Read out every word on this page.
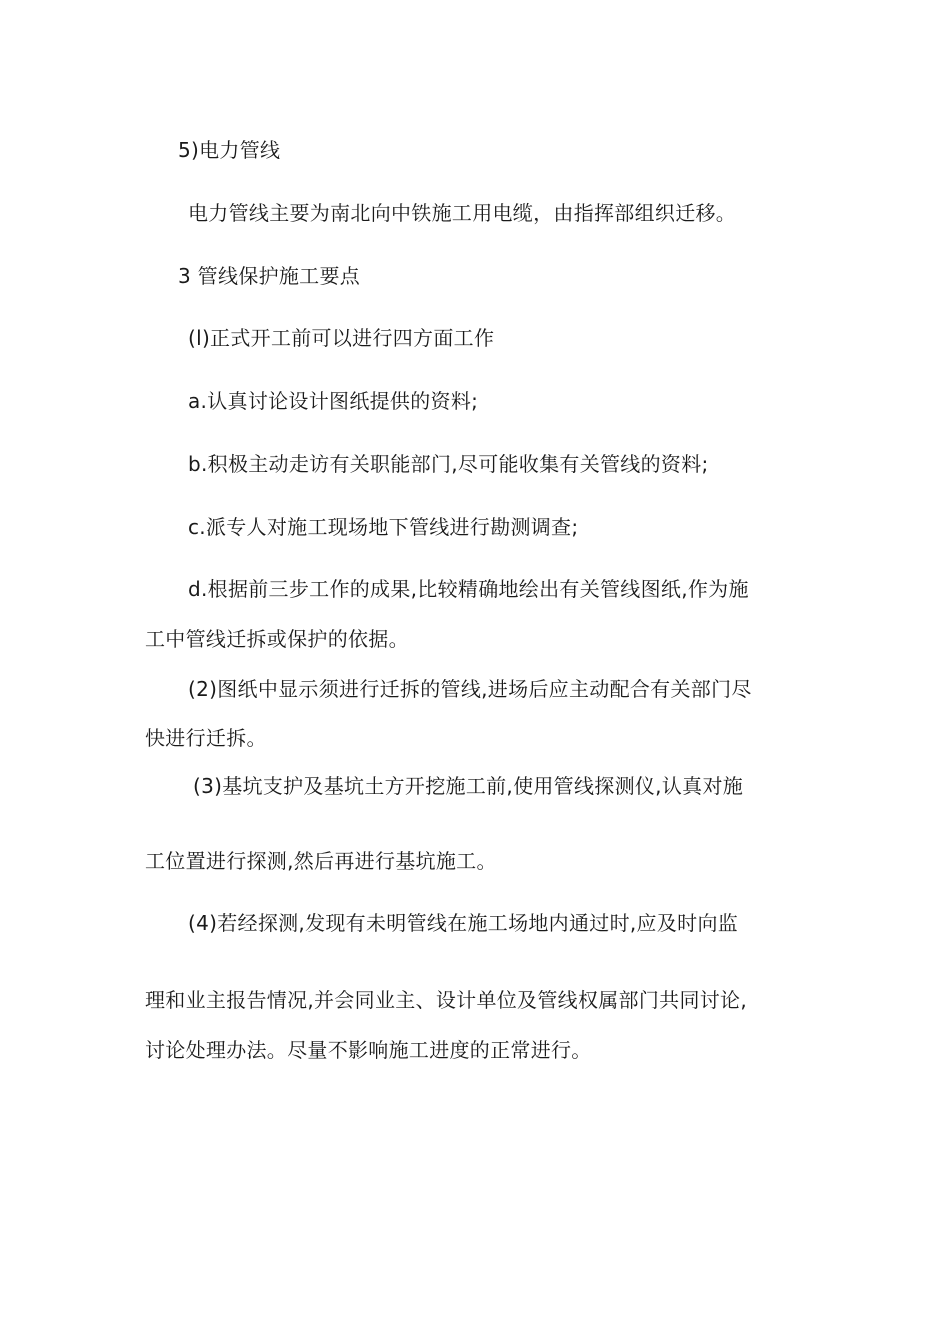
5)电力管线
电力管线主要为南北向中铁施工用电缆，由指挥部组织迁移。
3 管线保护施工要点
(l)正式开工前可以进行四方面工作
a.认真讨论设计图纸提供的资料;
b.积极主动走访有关职能部门,尽可能收集有关管线的资料;
c.派专人对施工现场地下管线进行勘测调查;
d.根据前三步工作的成果,比较精确地绘出有关管线图纸,作为施
工中管线迁拆或保护的依据。
(2)图纸中显示须进行迁拆的管线,进场后应主动配合有关部门尽
快进行迁拆。
(3)基坑支护及基坑土方开挖施工前,使用管线探测仪,认真对施
工位置进行探测,然后再进行基坑施工。
(4)若经探测,发现有未明管线在施工场地内通过时,应及时向监
理和业主报告情况,并会同业主、设计单位及管线权属部门共同讨论,
讨论处理办法。尽量不影响施工进度的正常进行。
